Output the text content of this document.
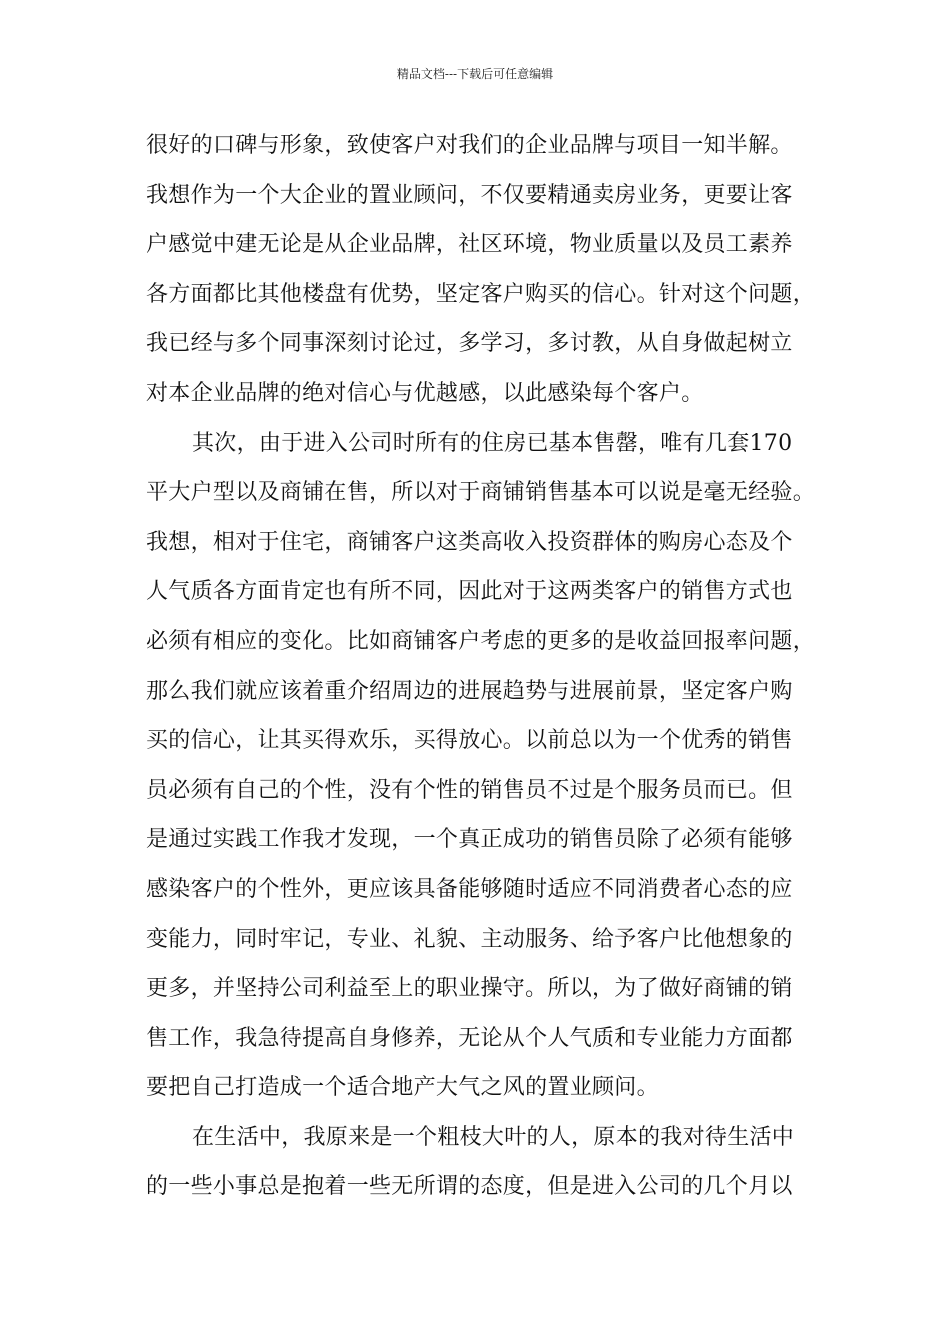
精品文档---下载后可任意编辑
很好的口碑与形象，致使客户对我们的企业品牌与项目一知半解。
我想作为一个大企业的置业顾问，不仅要精通卖房业务，更要让客
户感觉中建无论是从企业品牌，社区环境，物业质量以及员工素养
各方面都比其他楼盘有优势，坚定客户购买的信心。针对这个问题，
我已经与多个同事深刻讨论过，多学习，多讨教，从自身做起树立
对本企业品牌的绝对信心与优越感，以此感染每个客户。
其次，由于进入公司时所有的住房已基本售罄，唯有几套170
平大户型以及商铺在售，所以对于商铺销售基本可以说是毫无经验。
我想，相对于住宅，商铺客户这类高收入投资群体的购房心态及个
人气质各方面肯定也有所不同，因此对于这两类客户的销售方式也
必须有相应的变化。比如商铺客户考虑的更多的是收益回报率问题，
那么我们就应该着重介绍周边的进展趋势与进展前景，坚定客户购
买的信心，让其买得欢乐，买得放心。以前总以为一个优秀的销售
员必须有自己的个性，没有个性的销售员不过是个服务员而已。但
是通过实践工作我才发现，一个真正成功的销售员除了必须有能够
感染客户的个性外，更应该具备能够随时适应不同消费者心态的应
变能力，同时牢记，专业、礼貌、主动服务、给予客户比他想象的
更多，并坚持公司利益至上的职业操守。所以，为了做好商铺的销
售工作，我急待提高自身修养，无论从个人气质和专业能力方面都
要把自己打造成一个适合地产大气之风的置业顾问。
在生活中，我原来是一个粗枝大叶的人，原本的我对待生活中
的一些小事总是抱着一些无所谓的态度，但是进入公司的几个月以
